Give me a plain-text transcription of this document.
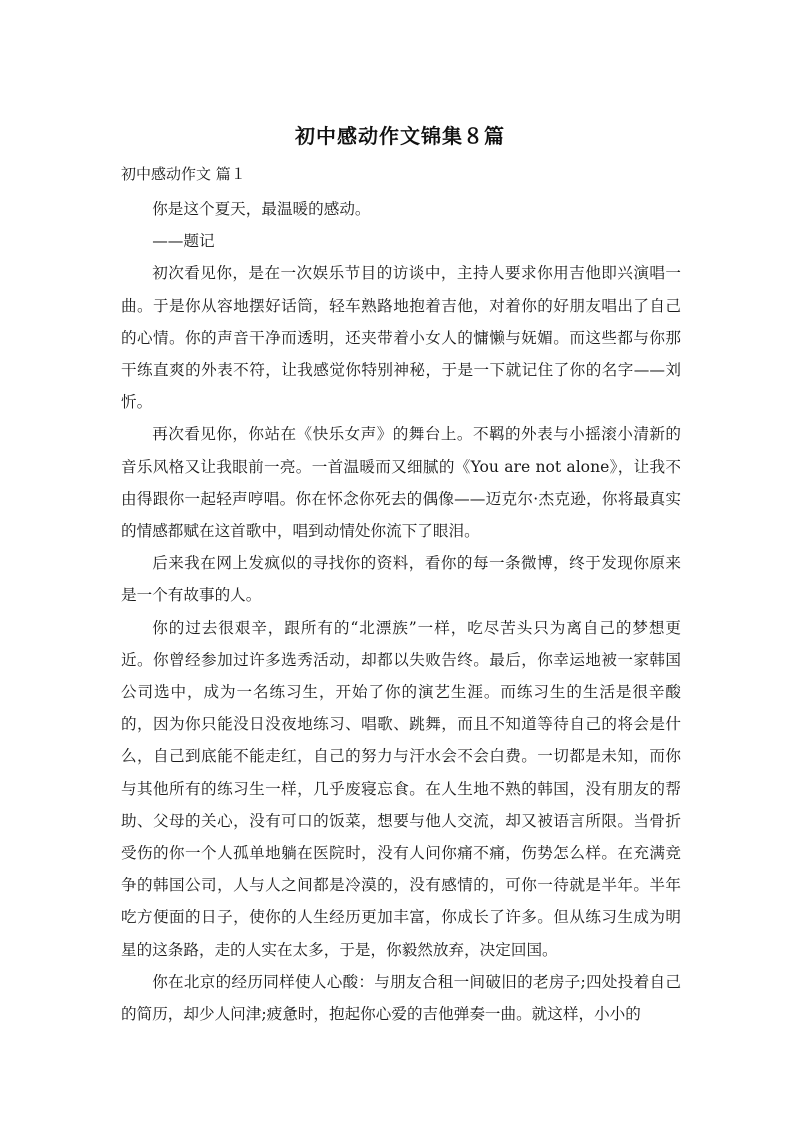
初中感动作文锦集８篇
初中感动作文 篇１

你是这个夏天，最温暖的感动。

——题记

初次看见你，是在一次娱乐节目的访谈中，主持人要求你用吉他即兴演唱一曲。于是你从容地摆好话筒，轻车熟路地抱着吉他，对着你的好朋友唱出了自己的心情。你的声音干净而透明，还夹带着小女人的慵懒与妩媚。而这些都与你那干练直爽的外表不符，让我感觉你特别神秘，于是一下就记住了你的名字——刘忻。

再次看见你，你站在《快乐女声》的舞台上。不羁的外表与小摇滚小清新的音乐风格又让我眼前一亮。一首温暖而又细腻的《You are not alone》，让我不由得跟你一起轻声哼唱。你在怀念你死去的偶像——迈克尔·杰克逊，你将最真实的情感都赋在这首歌中，唱到动情处你流下了眼泪。

后来我在网上发疯似的寻找你的资料，看你的每一条微博，终于发现你原来是一个有故事的人。

你的过去很艰辛，跟所有的“北漂族”一样，吃尽苦头只为离自己的梦想更近。你曾经参加过许多选秀活动，却都以失败告终。最后，你幸运地被一家韩国公司选中，成为一名练习生，开始了你的演艺生涯。而练习生的生活是很辛酸的，因为你只能没日没夜地练习、唱歌、跳舞，而且不知道等待自己的将会是什么，自己到底能不能走红，自己的努力与汗水会不会白费。一切都是未知，而你与其他所有的练习生一样，几乎废寝忘食。在人生地不熟的韩国，没有朋友的帮助、父母的关心，没有可口的饭菜，想要与他人交流，却又被语言所限。当骨折受伤的你一个人孤单地躺在医院时，没有人问你痛不痛，伤势怎么样。在充满竞争的韩国公司，人与人之间都是冷漠的，没有感情的，可你一待就是半年。半年吃方便面的日子，使你的人生经历更加丰富，你成长了许多。但从练习生成为明星的这条路，走的人实在太多，于是，你毅然放弃，决定回国。

你在北京的经历同样使人心酸：与朋友合租一间破旧的老房子;四处投着自己的简历，却少人问津;疲惫时，抱起你心爱的吉他弹奏一曲。就这样，小小的
